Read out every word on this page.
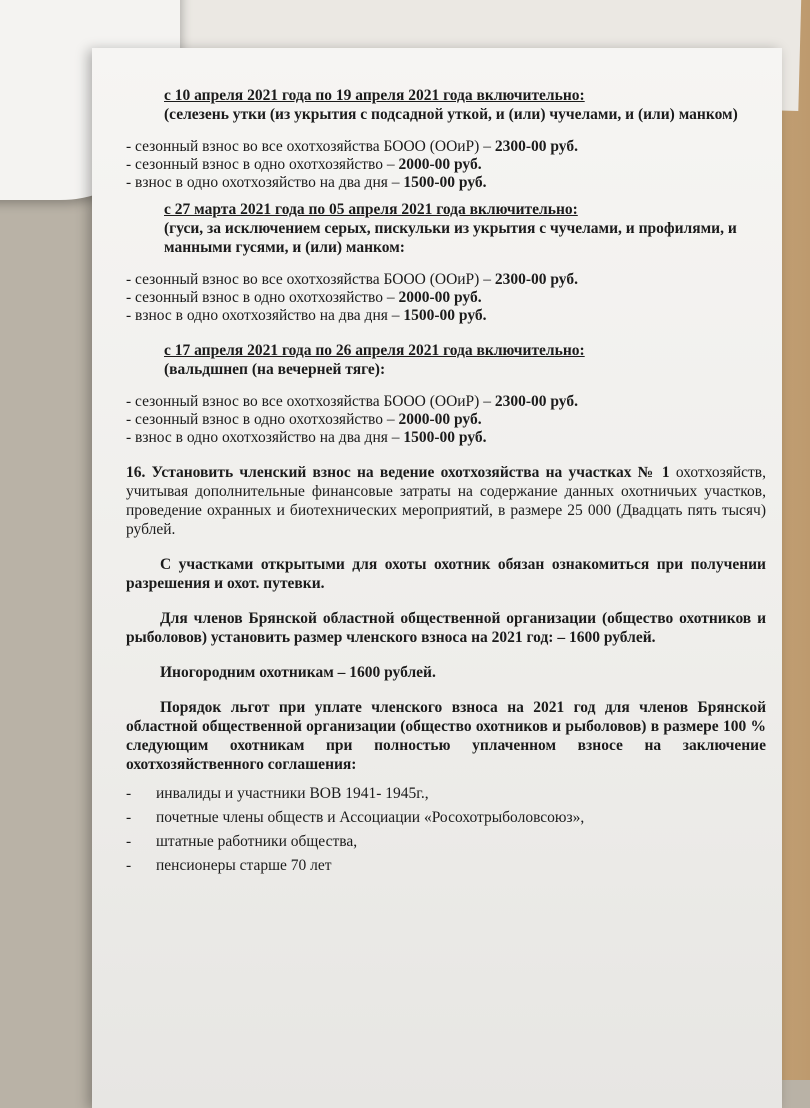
с 10 апреля 2021 года по 19 апреля 2021 года включительно:

(селезень утки (из укрытия с подсадной уткой, и (или) чучелами, и (или) манком)

- сезонный взнос во все охотхозяйства БООО (ООиР) – 2300-00 руб.
- сезонный взнос в одно охотхозяйство – 2000-00 руб.
- взнос в одно охотхозяйство на два дня – 1500-00 руб.

с 27 марта 2021 года по 05 апреля 2021 года включительно:

(гуси, за исключением серых, пискульки из укрытия с чучелами, и профилями, и манными гусями, и (или) манком:

- сезонный взнос во все охотхозяйства БООО (ООиР) – 2300-00 руб.
- сезонный взнос в одно охотхозяйство – 2000-00 руб.
- взнос в одно охотхозяйство на два дня – 1500-00 руб.

с 17 апреля 2021 года по 26 апреля 2021 года включительно:

(вальдшнеп (на вечерней тяге):

- сезонный взнос во все охотхозяйства БООО (ООиР) – 2300-00 руб.
- сезонный взнос в одно охотхозяйство – 2000-00 руб.
- взнос в одно охотхозяйство на два дня – 1500-00 руб.

16. Установить членский взнос на ведение охотхозяйства на участках № 1 охотхозяйств, учитывая дополнительные финансовые затраты на содержание данных охотничьих участков, проведение охранных и биотехнических мероприятий, в размере 25 000 (Двадцать пять тысяч) рублей.

С участками открытыми для охоты охотник обязан ознакомиться при получении разрешения и охот. путевки.

Для членов Брянской областной общественной организации (общество охотников и рыболовов) установить размер членского взноса на 2021 год: – 1600 рублей.

Иногородним охотникам – 1600 рублей.

Порядок льгот при уплате членского взноса на 2021 год для членов Брянской областной общественной организации (общество охотников и рыболовов) в размере 100 % следующим охотникам при полностью уплаченном взносе на заключение охотхозяйственного соглашения:

- инвалиды и участники ВОВ 1941- 1945г.,
- почетные члены обществ и Ассоциации «Росохотрыболовсоюз»,
- штатные работники общества,
- пенсионеры старше 70 лет
